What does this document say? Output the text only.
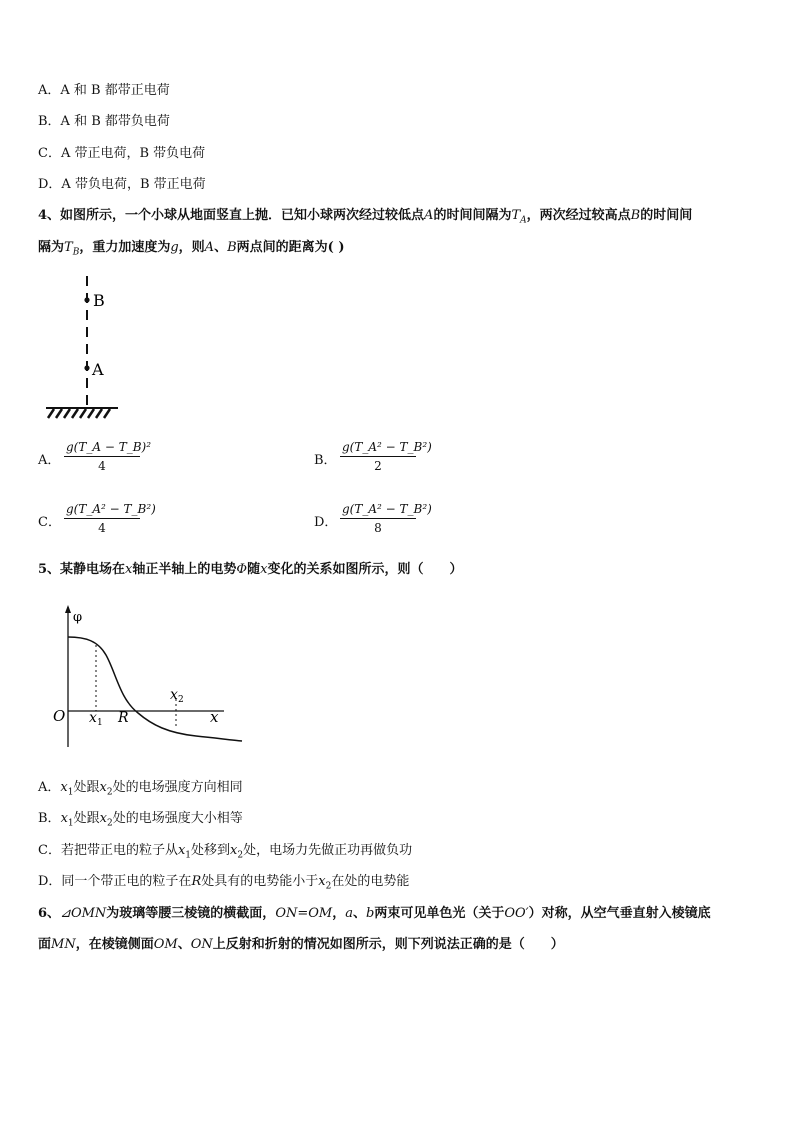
A．A 和 B 都带正电荷
B．A 和 B 都带负电荷
C．A 带正电荷，B 带负电荷
D．A 带负电荷，B 带正电荷
4、如图所示，一个小球从地面竖直上抛．已知小球两次经过较低点A的时间间隔为$T_A$，两次经过较高点B的时间间
隔为$T_B$，重力加速度为g，则A、B两点间的距离为( )
B
A
A． $\frac{\text{g(T\_A − T\_B)²}}{4}$	B． $\frac{\text{g(T\_A² − T\_B²)}}{2}$
C． $\frac{\text{g(T\_A² − T\_B²)}}{4}$	D． $\frac{\text{g(T\_A² − T\_B²)}}{8}$
5、某静电场在x轴正半轴上的电势Φ随x变化的关系如图所示，则（　　）
φ
O x 1 R
x 2
x
A．$x_1$处跟$x_2$处的电场强度方向相同
B．$x_1$处跟$x_2$处的电场强度大小相等
C．若把带正电的粒子从$x_1$处移到$x_2$处，电场力先做正功再做负功
D．同一个带正电的粒子在R处具有的电势能小于$x_2$在处的电势能
6、⊿OMN为玻璃等腰三棱镜的横截面，ON=OM，a、b两束可见单色光（关于OO′）对称，从空气垂直射入棱镜底
面MN，在棱镜侧面OM、ON上反射和折射的情况如图所示，则下列说法正确的是（　　）
